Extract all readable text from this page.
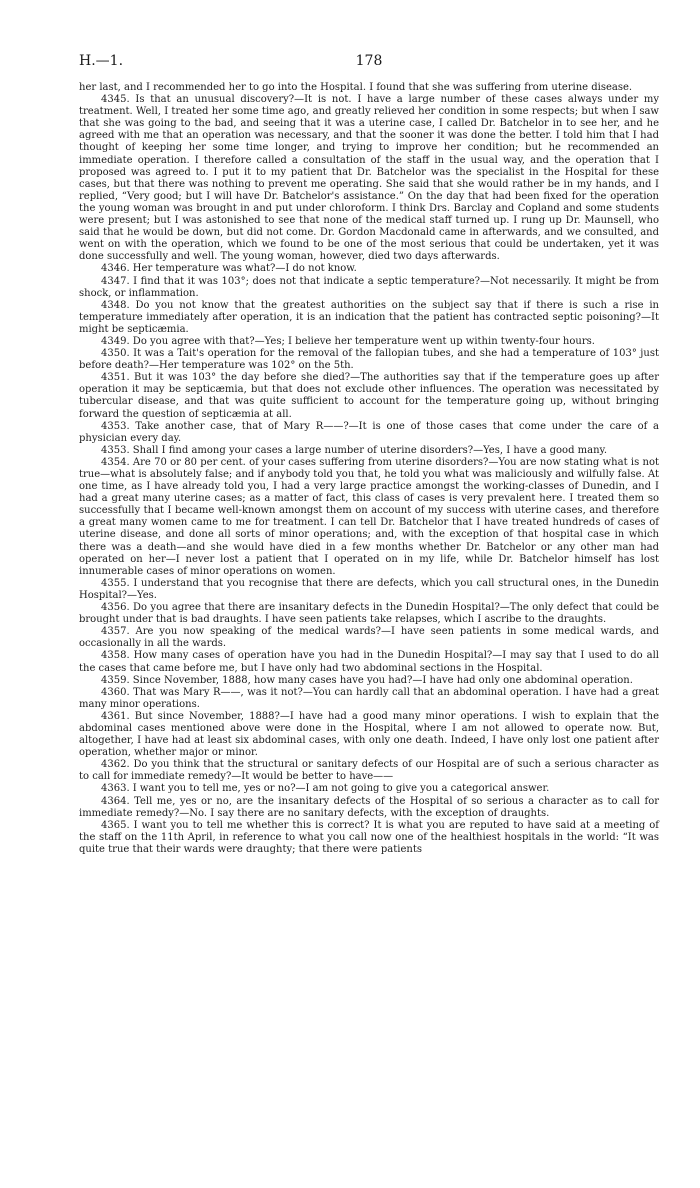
H.—1.	178

her last, and I recommended her to go into the Hospital. I found that she was suffering from uterine disease.

4345. Is that an unusual discovery?—It is not. I have a large number of these cases always under my treatment. Well, I treated her some time ago, and greatly relieved her condition in some respects; but when I saw that she was going to the bad, and seeing that it was a uterine case, I called Dr. Batchelor in to see her, and he agreed with me that an operation was necessary, and that the sooner it was done the better. I told him that I had thought of keeping her some time longer, and trying to improve her condition; but he recommended an immediate operation. I therefore called a consultation of the staff in the usual way, and the operation that I proposed was agreed to. I put it to my patient that Dr. Batchelor was the specialist in the Hospital for these cases, but that there was nothing to prevent me operating. She said that she would rather be in my hands, and I replied, “Very good; but I will have Dr. Batchelor's assistance.” On the day that had been fixed for the operation the young woman was brought in and put under chloroform. I think Drs. Barclay and Copland and some students were present; but I was astonished to see that none of the medical staff turned up. I rung up Dr. Maunsell, who said that he would be down, but did not come. Dr. Gordon Macdonald came in afterwards, and we consulted, and went on with the operation, which we found to be one of the most serious that could be undertaken, yet it was done successfully and well. The young woman, however, died two days afterwards.

4346. Her temperature was what?—I do not know.

4347. I find that it was 103°; does not that indicate a septic temperature?—Not necessarily. It might be from shock, or inflammation.

4348. Do you not know that the greatest authorities on the subject say that if there is such a rise in temperature immediately after operation, it is an indication that the patient has contracted septic poisoning?—It might be septicæmia.

4349. Do you agree with that?—Yes; I believe her temperature went up within twenty-four hours.

4350. It was a Tait's operation for the removal of the fallopian tubes, and she had a temperature of 103° just before death?—Her temperature was 102° on the 5th.

4351. But it was 103° the day before she died?—The authorities say that if the temperature goes up after operation it may be septicæmia, but that does not exclude other influences. The operation was necessitated by tubercular disease, and that was quite sufficient to account for the temperature going up, without bringing forward the question of septicæmia at all.

4353. Take another case, that of Mary R——?—It is one of those cases that come under the care of a physician every day.

4353. Shall I find among your cases a large number of uterine disorders?—Yes, I have a good many.

4354. Are 70 or 80 per cent. of your cases suffering from uterine disorders?—You are now stating what is not true—what is absolutely false; and if anybody told you that, he told you what was maliciously and wilfully false. At one time, as I have already told you, I had a very large practice amongst the working-classes of Dunedin, and I had a great many uterine cases; as a matter of fact, this class of cases is very prevalent here. I treated them so successfully that I became well-known amongst them on account of my success with uterine cases, and therefore a great many women came to me for treatment. I can tell Dr. Batchelor that I have treated hundreds of cases of uterine disease, and done all sorts of minor operations; and, with the exception of that hospital case in which there was a death—and she would have died in a few months whether Dr. Batchelor or any other man had operated on her—I never lost a patient that I operated on in my life, while Dr. Batchelor himself has lost innumerable cases of minor operations on women.

4355. I understand that you recognise that there are defects, which you call structural ones, in the Dunedin Hospital?—Yes.

4356. Do you agree that there are insanitary defects in the Dunedin Hospital?—The only defect that could be brought under that is bad draughts. I have seen patients take relapses, which I ascribe to the draughts.

4357. Are you now speaking of the medical wards?—I have seen patients in some medical wards, and occasionally in all the wards.

4358. How many cases of operation have you had in the Dunedin Hospital?—I may say that I used to do all the cases that came before me, but I have only had two abdominal sections in the Hospital.

4359. Since November, 1888, how many cases have you had?—I have had only one abdominal operation.

4360. That was Mary R——, was it not?—You can hardly call that an abdominal operation. I have had a great many minor operations.

4361. But since November, 1888?—I have had a good many minor operations. I wish to explain that the abdominal cases mentioned above were done in the Hospital, where I am not allowed to operate now. But, altogether, I have had at least six abdominal cases, with only one death. Indeed, I have only lost one patient after operation, whether major or minor.

4362. Do you think that the structural or sanitary defects of our Hospital are of such a serious character as to call for immediate remedy?—It would be better to have——

4363. I want you to tell me, yes or no?—I am not going to give you a categorical answer.

4364. Tell me, yes or no, are the insanitary defects of the Hospital of so serious a character as to call for immediate remedy?—No. I say there are no sanitary defects, with the exception of draughts.

4365. I want you to tell me whether this is correct? It is what you are reputed to have said at a meeting of the staff on the 11th April, in reference to what you call now one of the healthiest hospitals in the world: “It was quite true that their wards were draughty; that there were patients
